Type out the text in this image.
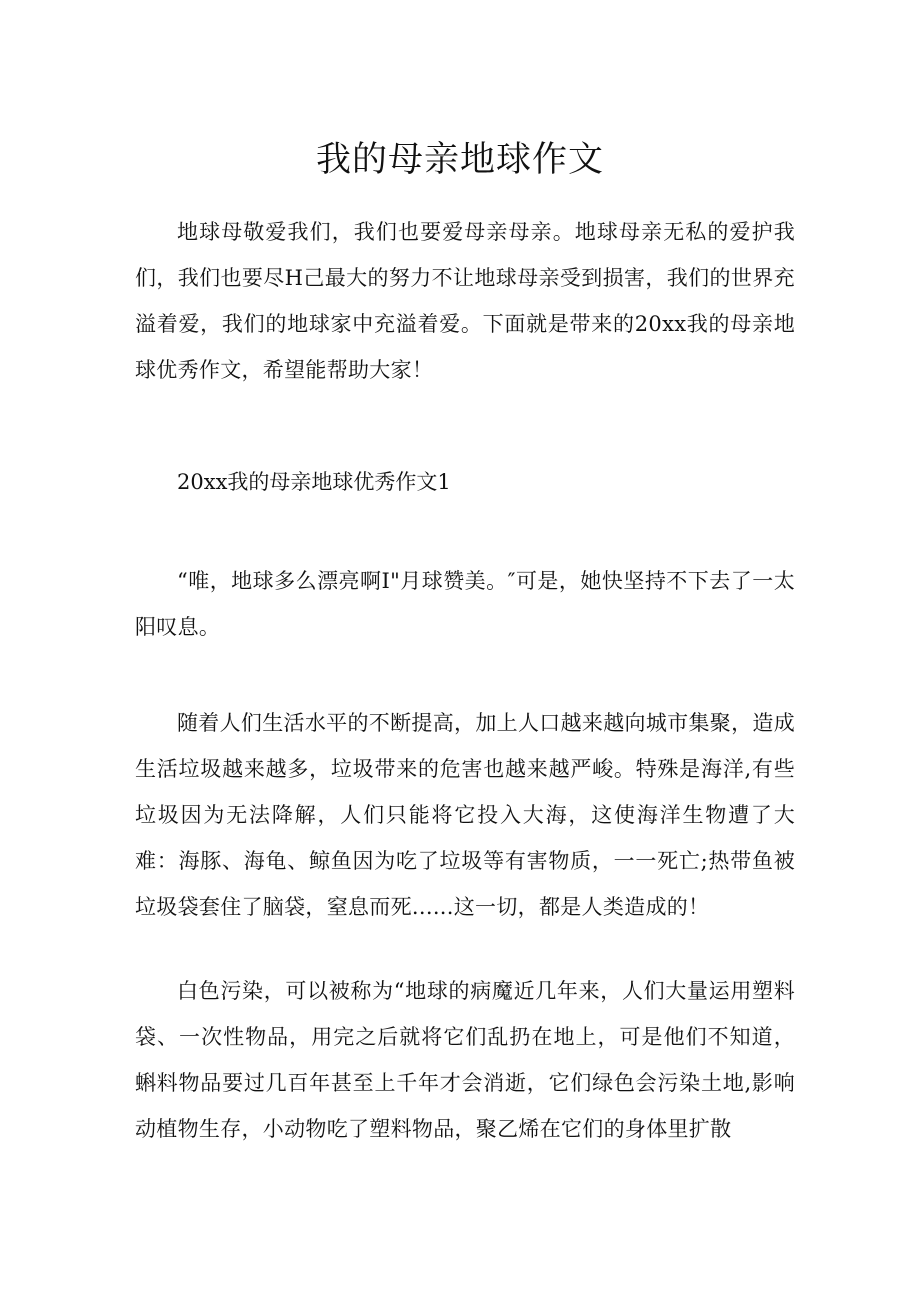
我的母亲地球作文

地球母敬爱我们，我们也要爱母亲母亲。地球母亲无私的爱护我们，我们也要尽H己最大的努力不让地球母亲受到损害，我们的世界充溢着爱，我们的地球家中充溢着爱。下面就是带来的20xx我的母亲地球优秀作文，希望能帮助大家！

20xx我的母亲地球优秀作文1

“唯，地球多么漂亮啊I"月球赞美。″可是，她快坚持不下去了一太阳叹息。

随着人们生活水平的不断提高，加上人口越来越向城市集聚，造成生活垃圾越来越多，垃圾带来的危害也越来越严峻。特殊是海洋,有些垃圾因为无法降解，人们只能将它投入大海，这使海洋生物遭了大难：海豚、海龟、鲸鱼因为吃了垃圾等有害物质，一一死亡;热带鱼被垃圾袋套住了脑袋，窒息而死......这一切，都是人类造成的！

白色污染，可以被称为“地球的病魔近几年来，人们大量运用塑料袋、一次性物品，用完之后就将它们乱扔在地上，可是他们不知道，蝌料物品要过几百年甚至上千年才会消逝，它们绿色会污染土地,影响动植物生存，小动物吃了塑料物品，聚乙烯在它们的身体里扩散
